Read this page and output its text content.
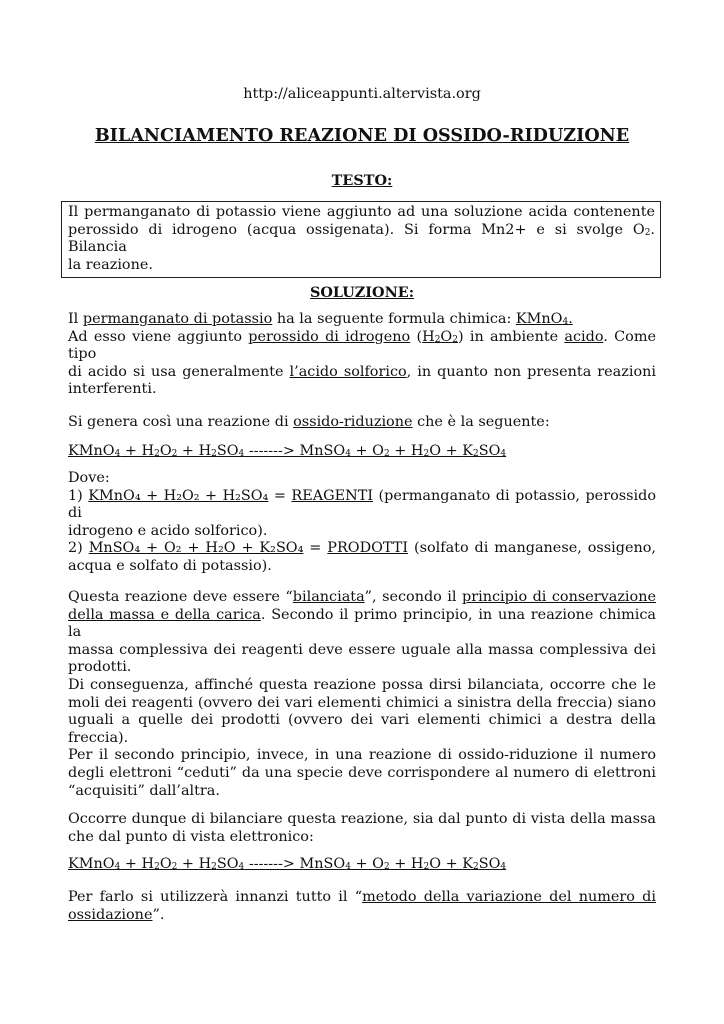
http://aliceappunti.altervista.org
BILANCIAMENTO REAZIONE DI OSSIDO-RIDUZIONE
TESTO:
Il permanganato di potassio viene aggiunto ad una soluzione acida contenente
perossido di idrogeno (acqua ossigenata). Si forma Mn2+ e si svolge $O_2$. Bilancia
la reazione.
SOLUZIONE:
Il permanganato di potassio ha la seguente formula chimica: KMnO$_4$.
Ad esso viene aggiunto perossido di idrogeno $(H_2O_2)$ in ambiente acido. Come tipo
di acido si usa generalmente l’acido solforico, in quanto non presenta reazioni
interferenti.
Si genera così una reazione di ossido-riduzione che è la seguente:
KMnO$_4$ + $H_2O_2 + H_2SO_4$ -------> MnSO$_4$ + $O_2 + H_2O + K_2SO_4$
Dove:
1) KMnO₄ + H₂O₂ + H₂SO₄ = REAGENTI (permanganato di potassio, perossido di
idrogeno e acido solforico).
2) MnSO₄ + O₂ + H₂O + K₂SO₄ = PRODOTTI (solfato di manganese, ossigeno,
acqua e solfato di potassio).
Questa reazione deve essere “bilanciata”, secondo il principio di conservazione
della massa e della carica. Secondo il primo principio, in una reazione chimica la
massa complessiva dei reagenti deve essere uguale alla massa complessiva dei
prodotti.
Di conseguenza, affinché questa reazione possa dirsi bilanciata, occorre che le
moli dei reagenti (ovvero dei vari elementi chimici a sinistra della freccia) siano
uguali a quelle dei prodotti (ovvero dei vari elementi chimici a destra della
freccia).
Per il secondo principio, invece, in una reazione di ossido-riduzione il numero
degli elettroni “ceduti” da una specie deve corrispondere al numero di elettroni
“acquisiti” dall’altra.
Occorre dunque di bilanciare questa reazione, sia dal punto di vista della massa
che dal punto di vista elettronico:
KMnO$_4$ + $H_2O_2 + H_2SO_4$ -------> MnSO$_4$ + $O_2 + H_2O + K_2SO_4$
Per farlo si utilizzerà innanzi tutto il “metodo della variazione del numero di
ossidazione”.
